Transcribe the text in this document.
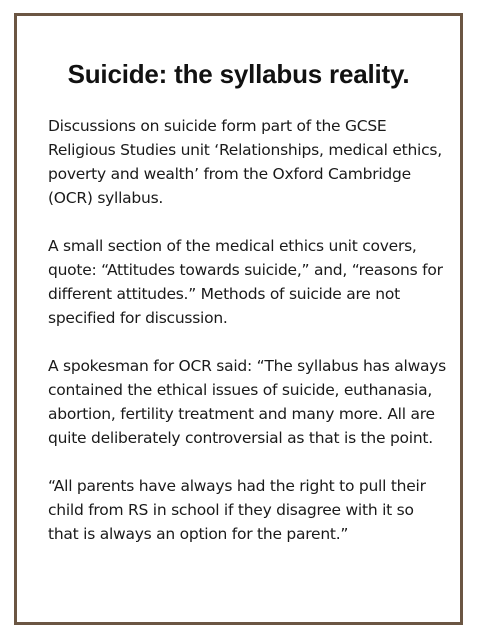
Suicide: the syllabus reality.

Discussions on suicide form part of the GCSE Religious Studies unit ‘Relationships, medical ethics, poverty and wealth’ from the Oxford Cambridge (OCR) syllabus.

A small section of the medical ethics unit covers, quote: “Attitudes towards suicide,” and, “reasons for different attitudes.” Methods of suicide are not specified for discussion.

A spokesman for OCR said: “The syllabus has always contained the ethical issues of suicide, euthanasia, abortion, fertility treatment and many more. All are quite deliberately controversial as that is the point.

“All parents have always had the right to pull their child from RS in school if they disagree with it so that is always an option for the parent.”
